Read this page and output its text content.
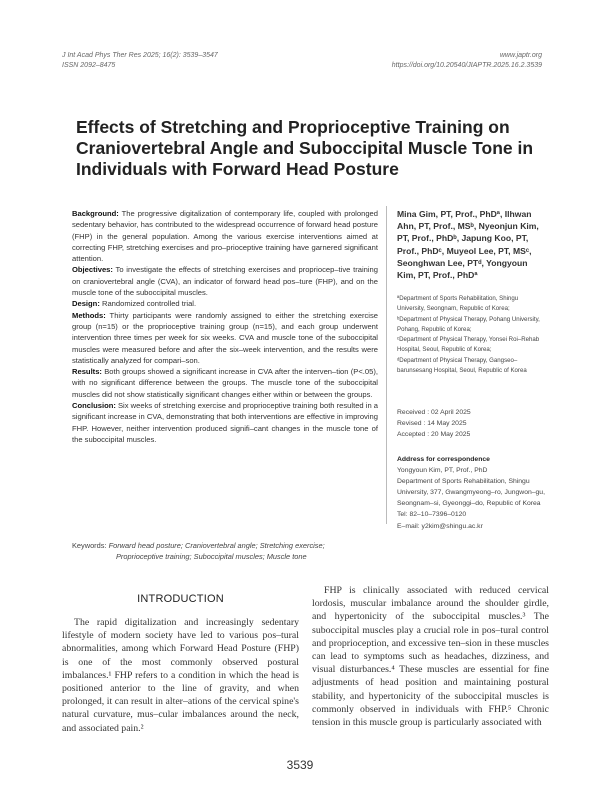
J Int Acad Phys Ther Res 2025; 16(2): 3539–3547
ISSN 2092–8475
www.japtr.org
https://doi.org/10.20540/JIAPTR.2025.16.2.3539
Effects of Stretching and Proprioceptive Training on Craniovertebral Angle and Suboccipital Muscle Tone in Individuals with Forward Head Posture

Background: The progressive digitalization of contemporary life, coupled with prolonged sedentary behavior, has contributed to the widespread occurrence of forward head posture (FHP) in the general population. Among the various exercise interventions aimed at correcting FHP, stretching exercises and pro–prioceptive training have garnered significant attention.

Objectives: To investigate the effects of stretching exercises and propriocep–tive training on craniovertebral angle (CVA), an indicator of forward head pos–ture (FHP), and on the muscle tone of the suboccipital muscles.

Design: Randomized controlled trial.

Methods: Thirty participants were randomly assigned to either the stretching exercise group (n=15) or the proprioceptive training group (n=15), and each group underwent intervention three times per week for six weeks. CVA and muscle tone of the suboccipital muscles were measured before and after the six–week intervention, and the results were statistically analyzed for compari–son.

Results: Both groups showed a significant increase in CVA after the interven–tion (P<.05), with no significant difference between the groups. The muscle tone of the suboccipital muscles did not show statistically significant changes either within or between the groups.

Conclusion: Six weeks of stretching exercise and proprioceptive training both resulted in a significant increase in CVA, demonstrating that both interventions are effective in improving FHP. However, neither intervention produced signifi–cant changes in the muscle tone of the suboccipital muscles.

Mina Gim, PT, Prof., PhDª, Ilhwan Ahn, PT, Prof., MSᵇ, Nyeonjun Kim, PT, Prof., PhDᵇ, Japung Koo, PT, Prof., PhDᶜ, Muyeol Lee, PT, MSᶜ, Seonghwan Lee, PTᵈ, Yongyoun Kim, PT, Prof., PhDª

ªDepartment of Sports Rehabilitation, Shingu University, Seongnam, Republic of Korea;

ᵇDepartment of Physical Therapy, Pohang University, Pohang, Republic of Korea;

ᶜDepartment of Physical Therapy, Yonsei Roi–Rehab Hospital, Seoul, Republic of Korea;

ᵈDepartment of Physical Therapy, Gangseo–barunsesang Hospital, Seoul, Republic of Korea

Received : 02 April 2025

Revised : 14 May 2025

Accepted : 20 May 2025

Address for correspondence

Yongyoun Kim, PT, Prof., PhD

Department of Sports Rehabilitation, Shingu University, 377, Gwangmyeong–ro, Jungwon–gu, Seongnam–si, Gyeonggi–do, Republic of Korea

Tel: 82–10–7396–0120

E–mail: y2kim@shingu.ac.kr

Keywords: Forward head posture; Craniovertebral angle; Stretching exercise;
Proprioceptive training; Suboccipital muscles; Muscle tone
INTRODUCTION

The rapid digitalization and increasingly sedentary lifestyle of modern society have led to various pos–tural abnormalities, among which Forward Head Posture (FHP) is one of the most commonly observed postural imbalances.¹ FHP refers to a condition in which the head is positioned anterior to the line of gravity, and when prolonged, it can result in alter–ations of the cervical spine's natural curvature, mus–cular imbalances around the neck, and associated pain.²

FHP is clinically associated with reduced cervical lordosis, muscular imbalance around the shoulder girdle, and hypertonicity of the suboccipital muscles.³ The suboccipital muscles play a crucial role in pos–tural control and proprioception, and excessive ten–sion in these muscles can lead to symptoms such as headaches, dizziness, and visual disturbances.⁴ These muscles are essential for fine adjustments of head position and maintaining postural stability, and hypertonicity of the suboccipital muscles is commonly observed in individuals with FHP.⁵ Chronic tension in this muscle group is particularly associated with

3539
